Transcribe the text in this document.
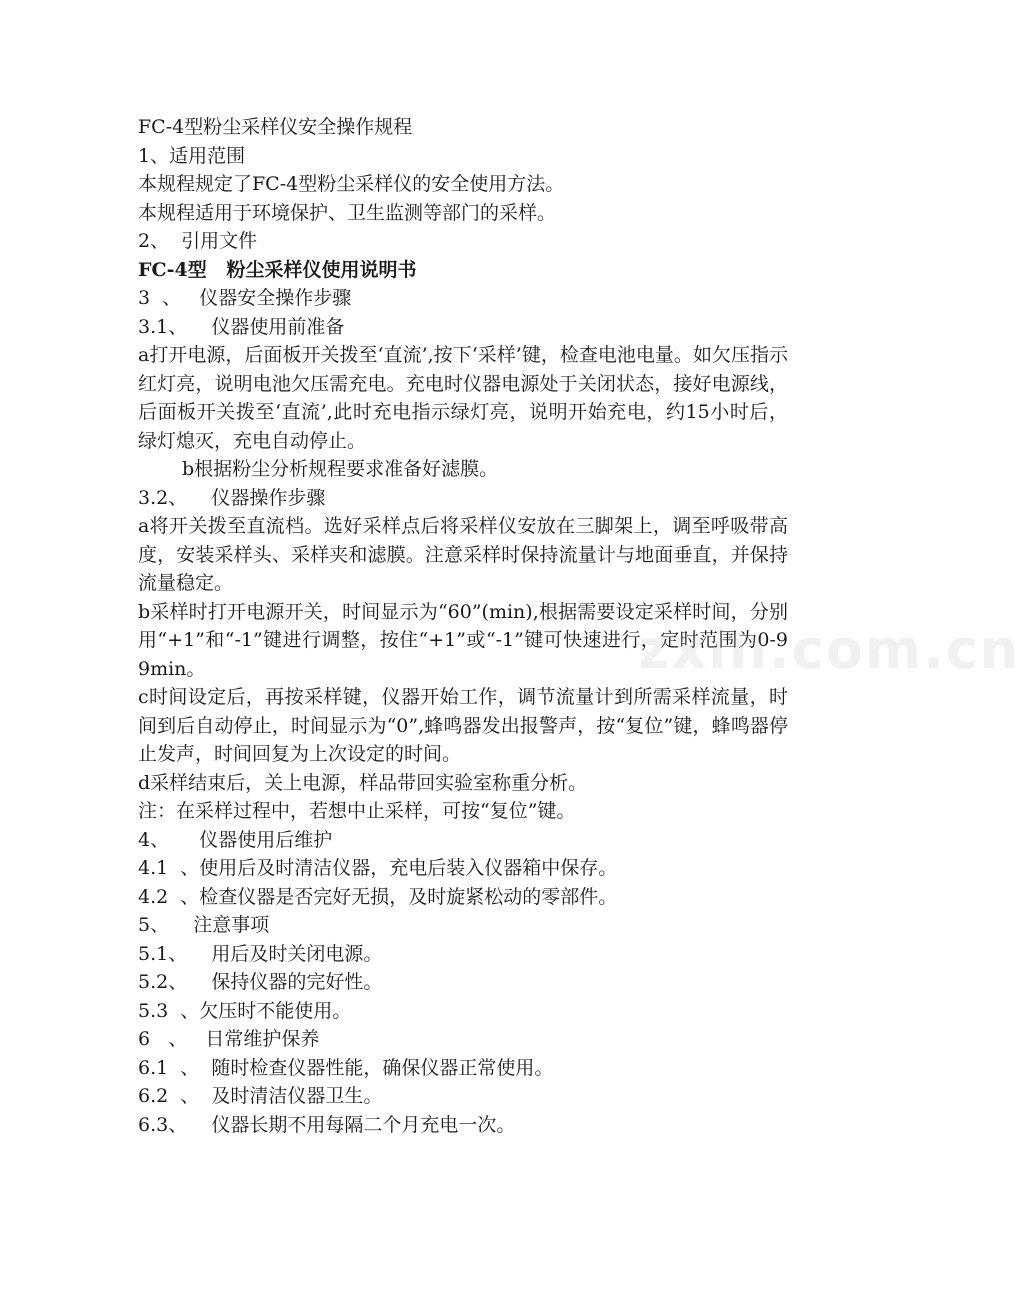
FC-4型粉尘采样仪安全操作规程
1、适用范围
本规程规定了FC-4型粉尘采样仪的安全使用方法。
本规程适用于环境保护、卫生监测等部门的采样。
2、  引用文件
FC-4型   粉尘采样仪使用说明书
3  、   仪器安全操作步骤
3.1、    仪器使用前准备
a打开电源，后面板开关拨至‘直流’,按下‘采样’键，检查电池电量。如欠压指示红灯亮，说明电池欠压需充电。充电时仪器电源处于关闭状态，接好电源线，后面板开关拨至‘直流’,此时充电指示绿灯亮，说明开始充电，约15小时后，绿灯熄灭，充电自动停止。
b根据粉尘分析规程要求准备好滤膜。
3.2、    仪器操作步骤
a将开关拨至直流档。选好采样点后将采样仪安放在三脚架上，调至呼吸带高度，安装采样头、采样夹和滤膜。注意采样时保持流量计与地面垂直，并保持流量稳定。
b采样时打开电源开关，时间显示为“60”(min),根据需要设定采样时间，分别用“+1”和“-1”键进行调整，按住“+1”或“-1”键可快速进行，定时范围为0-99min。
c时间设定后，再按采样键，仪器开始工作，调节流量计到所需采样流量，时间到后自动停止，时间显示为“0”,蜂鸣器发出报警声，按“复位”键，蜂鸣器停止发声，时间回复为上次设定的时间。
d采样结束后，关上电源，样品带回实验室称重分析。
注：在采样过程中，若想中止采样，可按“复位”键。
4、     仪器使用后维护
4.1  、使用后及时清洁仪器，充电后装入仪器箱中保存。
4.2  、检查仪器是否完好无损，及时旋紧松动的零部件。
5、    注意事项
5.1、    用后及时关闭电源。
5.2、    保持仪器的完好性。
5.3  、欠压时不能使用。
6   、   日常维护保养
6.1  、  随时检查仪器性能，确保仪器正常使用。
6.2  、  及时清洁仪器卫生。
6.3、    仪器长期不用每隔二个月充电一次。
zxin.com.cn
